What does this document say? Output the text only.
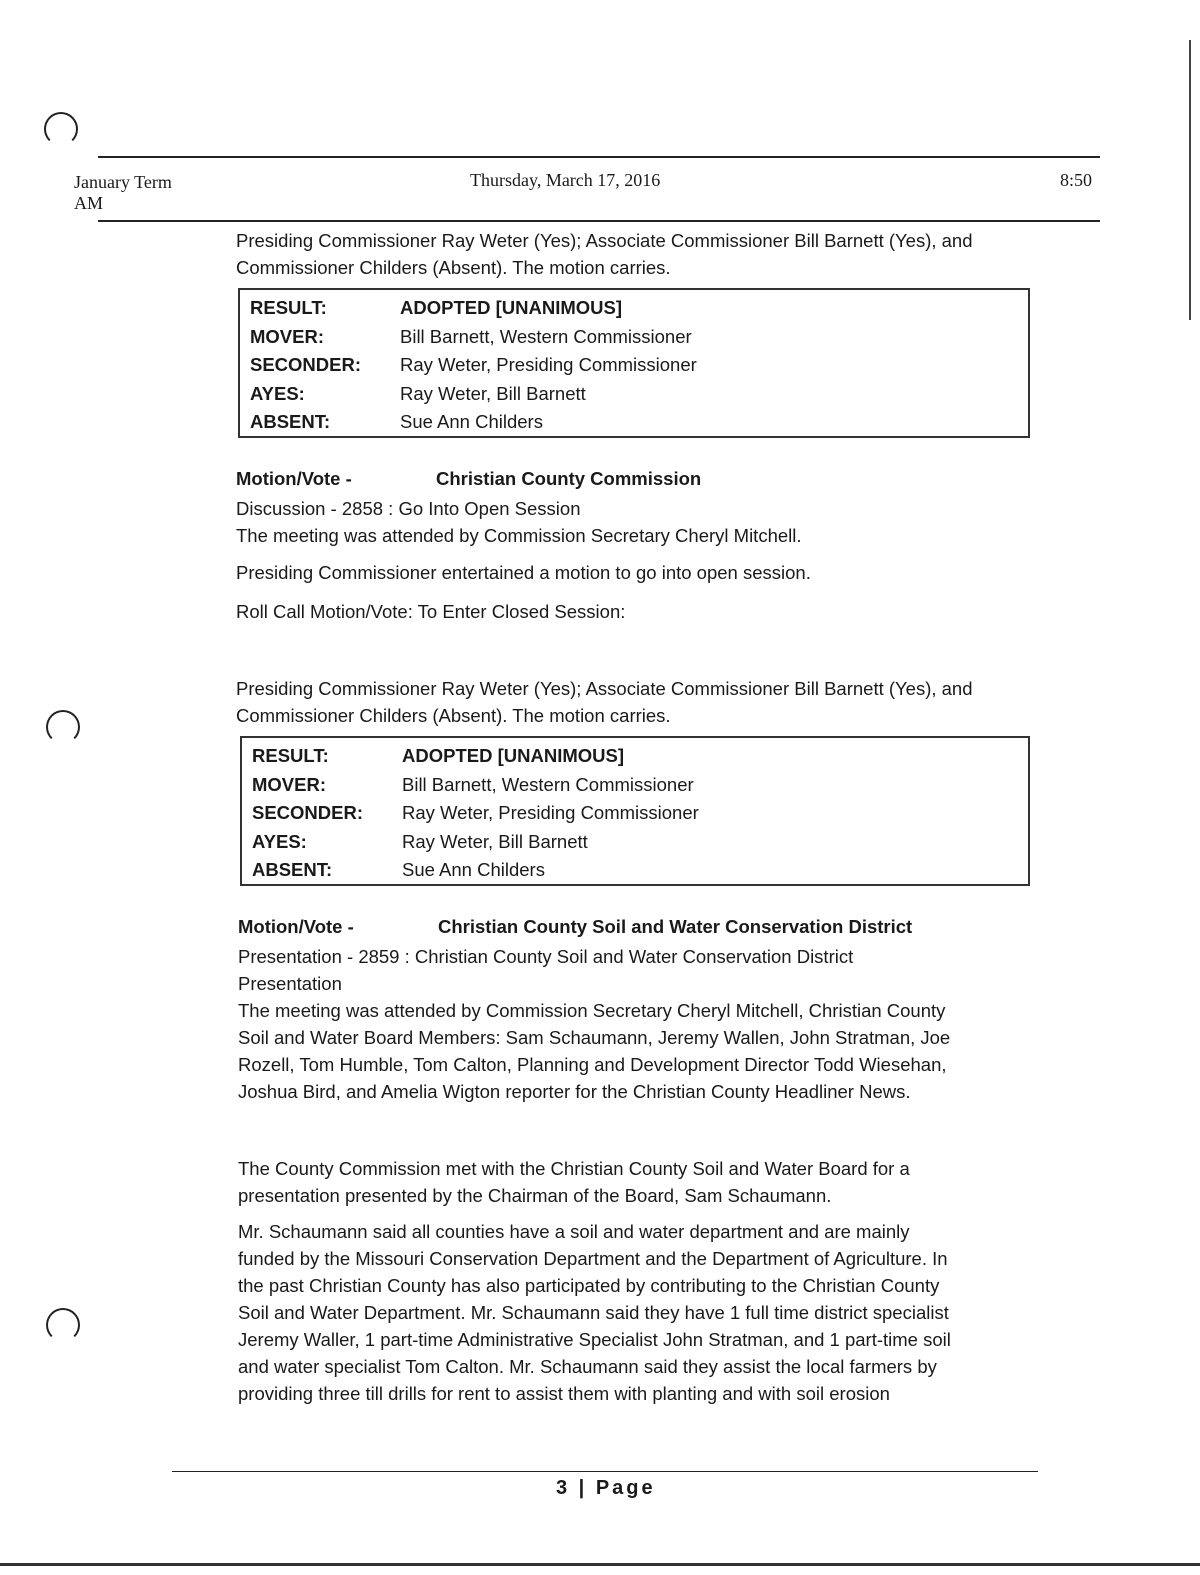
January Term
AM
Thursday, March 17, 2016	8:50
Presiding Commissioner Ray Weter (Yes); Associate Commissioner Bill Barnett (Yes), and
Commissioner Childers (Absent). The motion carries.
RESULT:	ADOPTED [UNANIMOUS]
MOVER:	Bill Barnett, Western Commissioner
SECONDER:	Ray Weter, Presiding Commissioner
AYES:	Ray Weter, Bill Barnett
ABSENT:	Sue Ann Childers
Motion/Vote -	Christian County Commission
Discussion - 2858 : Go Into Open Session
The meeting was attended by Commission Secretary Cheryl Mitchell.
Presiding Commissioner entertained a motion to go into open session.
Roll Call Motion/Vote: To Enter Closed Session:
Presiding Commissioner Ray Weter (Yes); Associate Commissioner Bill Barnett (Yes), and
Commissioner Childers (Absent). The motion carries.
RESULT:	ADOPTED [UNANIMOUS]
MOVER:	Bill Barnett, Western Commissioner
SECONDER:	Ray Weter, Presiding Commissioner
AYES:	Ray Weter, Bill Barnett
ABSENT:	Sue Ann Childers
Motion/Vote -	Christian County Soil and Water Conservation District
Presentation - 2859 : Christian County Soil and Water Conservation District
Presentation
The meeting was attended by Commission Secretary Cheryl Mitchell, Christian County
Soil and Water Board Members: Sam Schaumann, Jeremy Wallen, John Stratman, Joe
Rozell, Tom Humble, Tom Calton, Planning and Development Director Todd Wiesehan,
Joshua Bird, and Amelia Wigton reporter for the Christian County Headliner News.
The County Commission met with the Christian County Soil and Water Board for a
presentation presented by the Chairman of the Board, Sam Schaumann.
Mr. Schaumann said all counties have a soil and water department and are mainly
funded by the Missouri Conservation Department and the Department of Agriculture. In
the past Christian County has also participated by contributing to the Christian County
Soil and Water Department. Mr. Schaumann said they have 1 full time district specialist
Jeremy Waller, 1 part-time Administrative Specialist John Stratman, and 1 part-time soil
and water specialist Tom Calton. Mr. Schaumann said they assist the local farmers by
providing three till drills for rent to assist them with planting and with soil erosion
3 | Page
